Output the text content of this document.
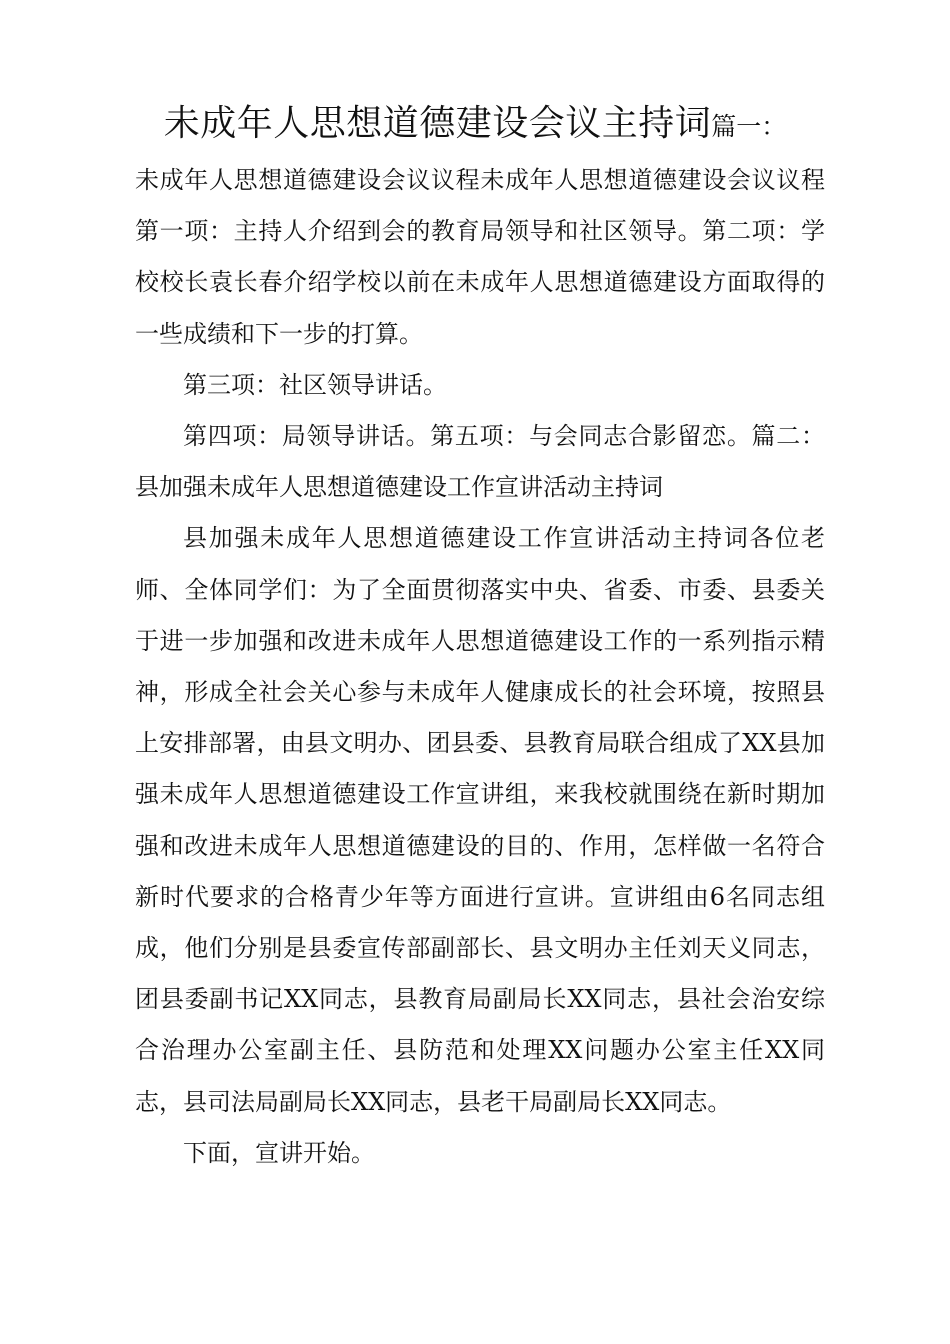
未成年人思想道德建设会议主持词篇一：

未成年人思想道德建设会议议程未成年人思想道德建设会议议程第一项：主持人介绍到会的教育局领导和社区领导。第二项：学校校长袁长春介绍学校以前在未成年人思想道德建设方面取得的一些成绩和下一步的打算。

第三项：社区领导讲话。

第四项：局领导讲话。第五项：与会同志合影留恋。篇二：县加强未成年人思想道德建设工作宣讲活动主持词

县加强未成年人思想道德建设工作宣讲活动主持词各位老师、全体同学们：为了全面贯彻落实中央、省委、市委、县委关于进一步加强和改进未成年人思想道德建设工作的一系列指示精神，形成全社会关心参与未成年人健康成长的社会环境，按照县上安排部署，由县文明办、团县委、县教育局联合组成了XX县加强未成年人思想道德建设工作宣讲组，来我校就围绕在新时期加强和改进未成年人思想道德建设的目的、作用，怎样做一名符合新时代要求的合格青少年等方面进行宣讲。宣讲组由6名同志组成，他们分别是县委宣传部副部长、县文明办主任刘天义同志，团县委副书记XX同志，县教育局副局长XX同志，县社会治安综合治理办公室副主任、县防范和处理XX问题办公室主任XX同志，县司法局副局长XX同志，县老干局副局长XX同志。

下面，宣讲开始。
